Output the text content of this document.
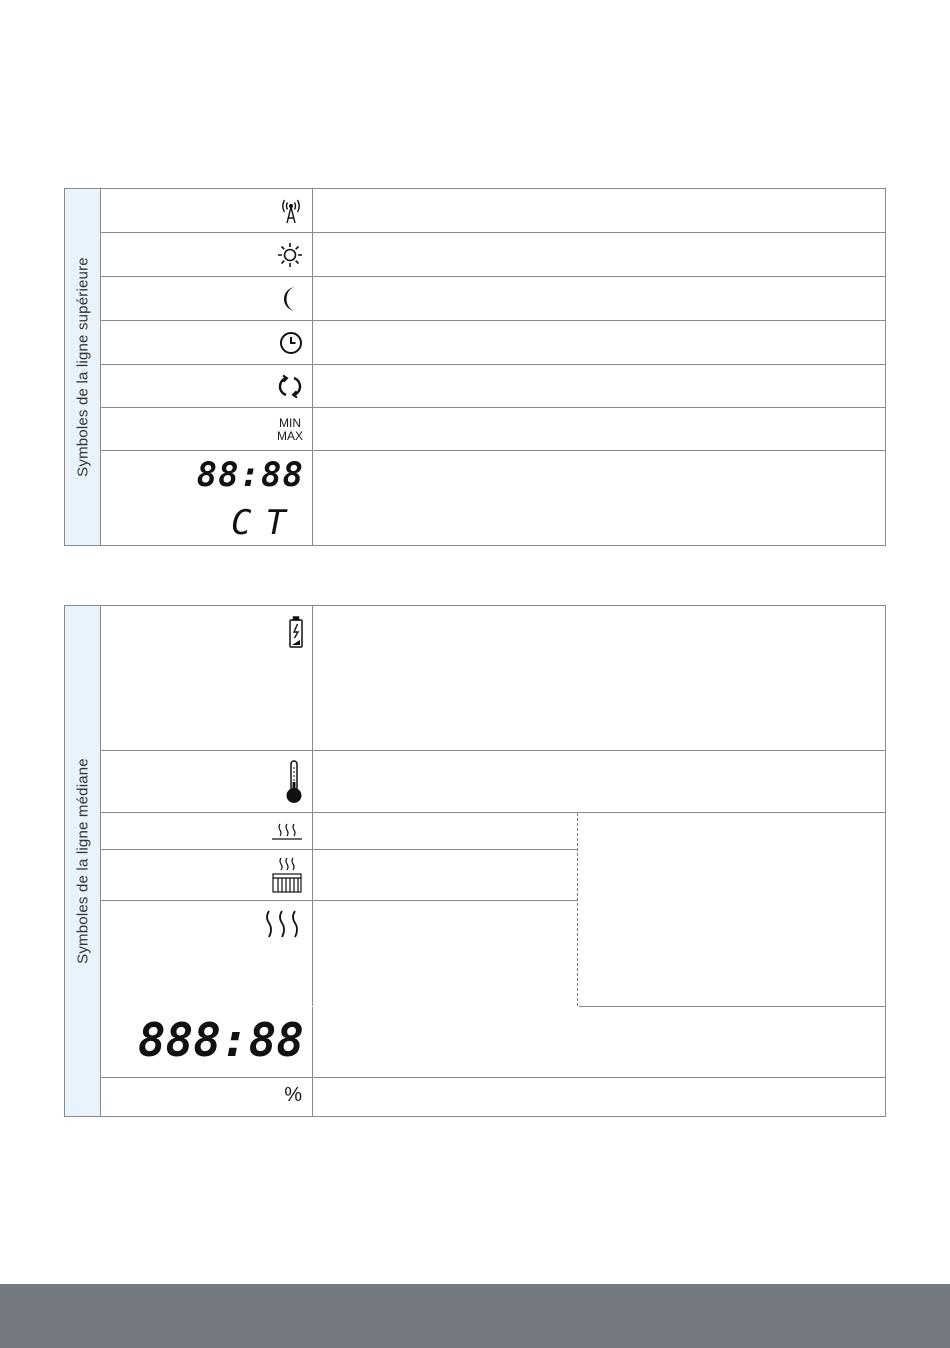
Symboles de la ligne supérieure	MIN
MAX
88:88
CT
Symboles de la ligne médiane
888:88
%
